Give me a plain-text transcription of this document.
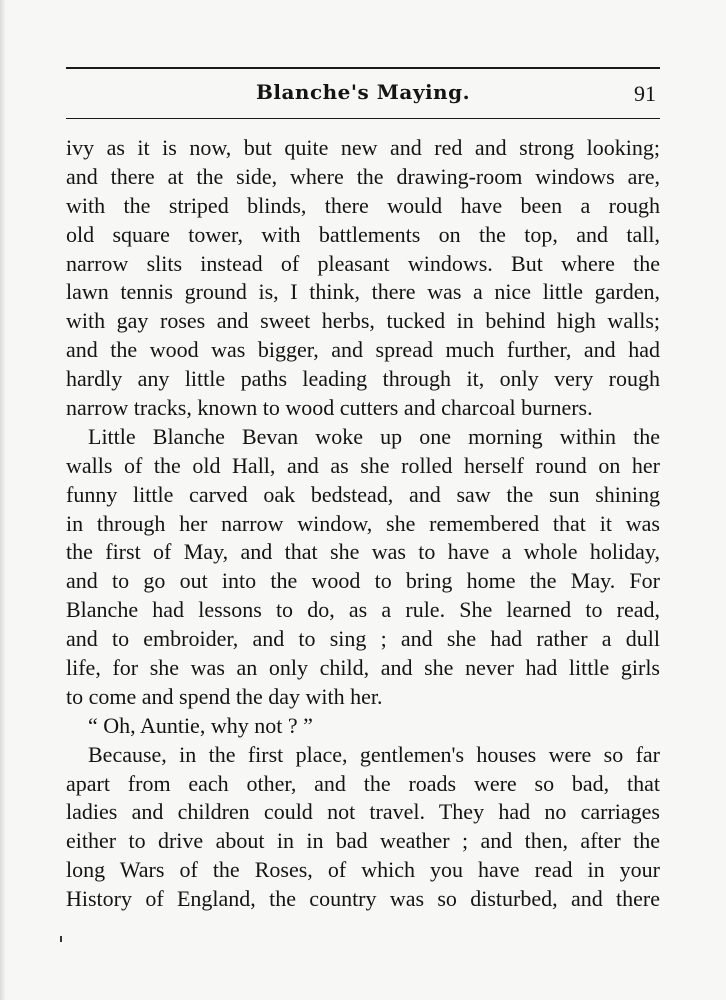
Blanche's Maying.	91
ivy as it is now, but quite new and red and strong looking;
and there at the side, where the drawing-room windows are,
with the striped blinds, there would have been a rough
old square tower, with battlements on the top, and tall,
narrow slits instead of pleasant windows. But where the
lawn tennis ground is, I think, there was a nice little garden,
with gay roses and sweet herbs, tucked in behind high walls;
and the wood was bigger, and spread much further, and had
hardly any little paths leading through it, only very rough
narrow tracks, known to wood cutters and charcoal burners.
Little Blanche Bevan woke up one morning within the
walls of the old Hall, and as she rolled herself round on her
funny little carved oak bedstead, and saw the sun shining
in through her narrow window, she remembered that it was
the first of May, and that she was to have a whole holiday,
and to go out into the wood to bring home the May. For
Blanche had lessons to do, as a rule. She learned to read,
and to embroider, and to sing ; and she had rather a dull
life, for she was an only child, and she never had little girls
to come and spend the day with her.
“ Oh, Auntie, why not ? ”
Because, in the first place, gentlemen's houses were so far
apart from each other, and the roads were so bad, that
ladies and children could not travel. They had no carriages
either to drive about in in bad weather ; and then, after the
long Wars of the Roses, of which you have read in your
History of England, the country was so disturbed, and there
